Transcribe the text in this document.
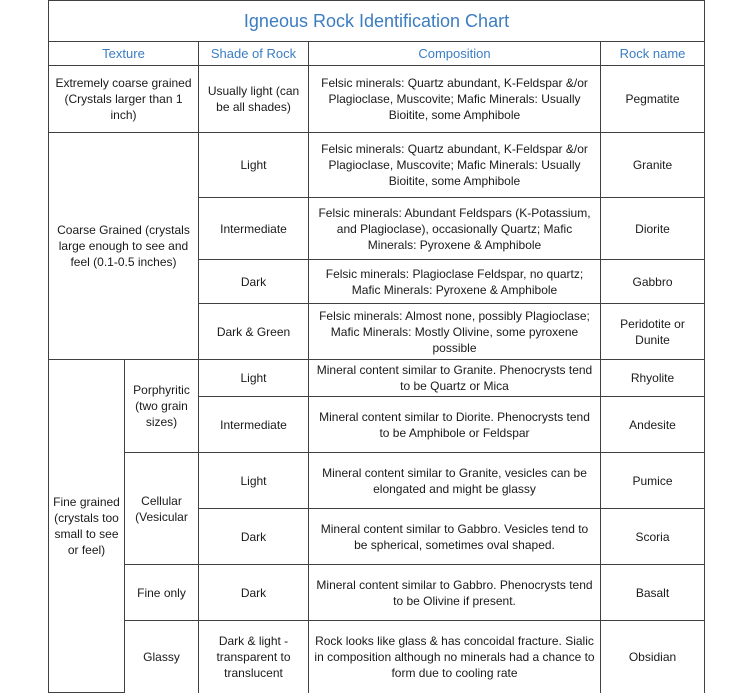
Igneous Rock Identification Chart				
Texture		Shade of Rock	Composition	Rock name
Extremely coarse grained (Crystals larger than 1 inch)		Usually light (can be all shades)	Felsic minerals: Quartz abundant, K-Feldspar &/or Plagioclase, Muscovite; Mafic Minerals: Usually Bioitite, some Amphibole	Pegmatite
Coarse Grained (crystals large enough to see and feel (0.1-0.5 inches)		Light	Felsic minerals: Quartz abundant, K-Feldspar &/or Plagioclase, Muscovite; Mafic Minerals: Usually Bioitite, some Amphibole	Granite
		Intermediate	Felsic minerals: Abundant Feldspars (K-Potassium, and Plagioclase), occasionally Quartz; Mafic Minerals: Pyroxene & Amphibole	Diorite
		Dark	Felsic minerals: Plagioclase Feldspar, no quartz; Mafic Minerals: Pyroxene & Amphibole	Gabbro
		Dark & Green	Felsic minerals: Almost none, possibly Plagioclase; Mafic Minerals: Mostly Olivine, some pyroxene possible	Peridotite or Dunite
Fine grained (crystals too small to see or feel)	Porphyritic (two grain sizes)	Light	Mineral content similar to Granite. Phenocrysts tend to be Quartz or Mica	Rhyolite
		Intermediate	Mineral content similar to Diorite. Phenocrysts tend to be Amphibole or Feldspar	Andesite
	Cellular (Vesicular	Light	Mineral content similar to Granite, vesicles can be elongated and might be glassy	Pumice
		Dark	Mineral content similar to Gabbro. Vesicles tend to be spherical, sometimes oval shaped.	Scoria
	Fine only	Dark	Mineral content similar to Gabbro. Phenocrysts tend to be Olivine if present.	Basalt
	Glassy	Dark & light - transparent to translucent	Rock looks like glass & has concoidal fracture. Sialic in composition although no minerals had a chance to form due to cooling rate	Obsidian
